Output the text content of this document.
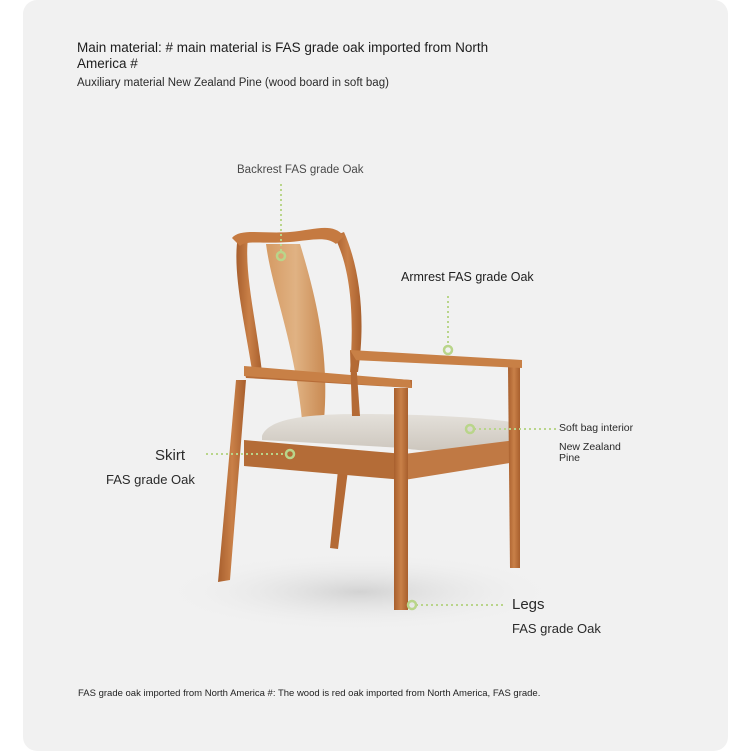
Main material: # main material is FAS grade oak imported from North America #
Auxiliary material New Zealand Pine (wood board in soft bag)
Backrest FAS grade Oak
Armrest FAS grade Oak
Soft bag interior
New Zealand Pine
Skirt
FAS grade Oak
Legs
FAS grade Oak
FAS grade oak imported from North America #: The wood is red oak imported from North America, FAS grade.
